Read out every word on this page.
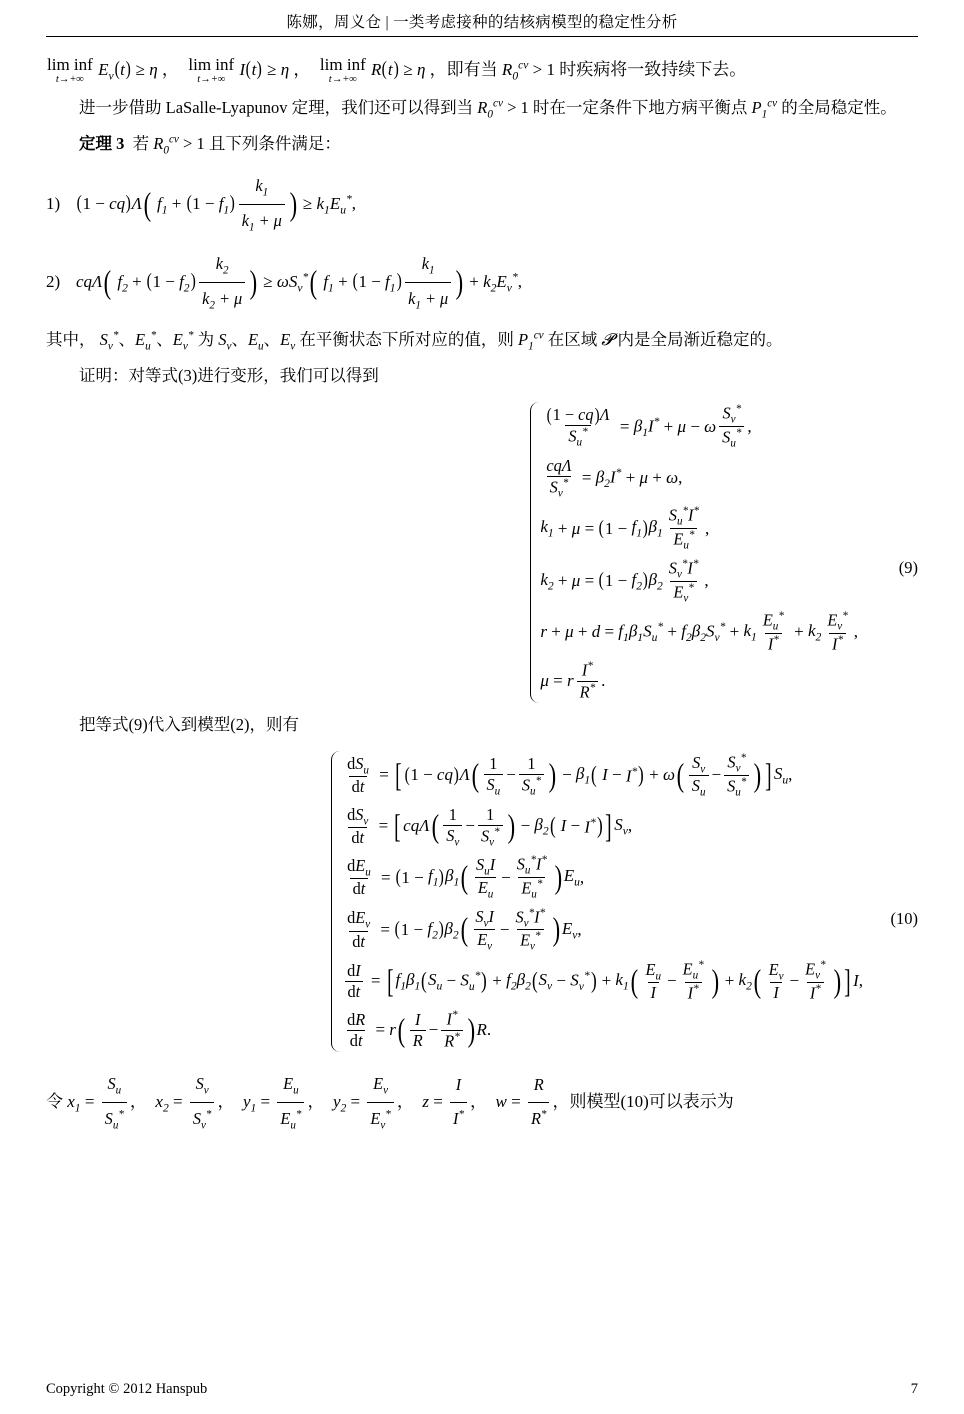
陈娜，周义仓 | 一类考虑接种的结核病模型的稳定性分析
lim inf
t→+∞
$E_v$ ( t ) ≥ η ， lim inf
t→+∞ I ( t ) ≥ η ， lim inf
t→+∞ R ( t ) ≥ η ，即有当 $R_0^{cv} > 1$ 时疾病将一致持续下去。
进一步借助 LaSalle-Lyapunov 定理，我们还可以得到当 $R_0^{cv} > 1$ 时在一定条件下地方病平衡点 $P_1^{cv}$ 的全局稳定性。
定理 3  若 $R_0^{cv} > 1$ 且下列条件满足：
1) ( 1 − cq ) Λ ( $f_1$ + ( $1 - f_1$ ) $\frac{k_1}{k_1 + \mu}$ ) ≥ $k_1E_u^*$ ,
2) cqΛ ( $f_2$ + ( $1 - f_2$ ) $\frac{k_2}{k_2 + \mu}$ ) ≥ $\omega S_v^*$ ( $f_1$ + ( $1 - f_1$ ) $\frac{k_1}{k_1 + \mu}$ ) + $k_2E_v^*$ ,
其中， $S_v^*$、$E_u^*$、$E_v^*$ 为 $S_v$、$E_u$、$E_v$ 在平衡状态下所对应的值，则 $P_1^{cv}$ 在区域 𝓟 内是全局渐近稳定的。
证明：对等式(3)进行变形，我们可以得到
$\frac{(1 - cq)\Lambda}{S_u^*} = \beta_1I^* + \mu - \omega \frac{S_v^*}{S_u^*}$ ,
$\frac{\text{cqΛ}}{S_v^*} = \beta_2I^* + \mu + \omega$ ,
$k_1 + \mu$ = ( $1 - f_1$ ) $\beta_1 \frac{S_u^*I^*}{E_u^*}$ ,
$k_2 + \mu$ = ( $1 - f_2$ ) $\beta_2 \frac{S_v^*I^*}{E_v^*}$ ,
$r + \mu + d = f_1\beta_1S_u^* + f_2\beta_2S_v^* + k_1 \frac{E_u^*}{I^*} + k_2 \frac{E_v^*}{I^*}$ ,
μ = r $\frac{I^*}{R^*}$ .
(9)
把等式(9)代入到模型(2)，则有
$\frac{dS_u}{dt}$ = [ ( 1 − cq ) Λ ( $\frac{1}{S_u} - \frac{1}{S_u^*}$ ) − $\beta_1$ ( I − I* ) + ω ( $\frac{S_v}{S_u} - \frac{S_v^*}{S_u^*}$ ) ] $S_u$ ,
$\frac{dS_v}{dt}$ = [ cqΛ ( $\frac{1}{S_v} - \frac{1}{S_v^*}$ ) − $\beta_2$ ( I − I* ) ] $S_v$ ,
$\frac{dE_u}{dt}$ = ( $1 - f_1$ ) $\beta_1$ ( $\frac{S_uI}{E_u} - \frac{S_u^*I^*}{E_u^*}$ ) $E_u$ ,
$\frac{dE_v}{dt}$ = ( $1 - f_2$ ) $\beta_2$ ( $\frac{S_vI}{E_v} - \frac{S_v^*I^*}{E_v^*}$ ) $E_v$ ,
$\frac{dI}{dt}$ = [ $f_1\beta_1$ ( $S_u - S_u^*$ ) + $f_2\beta_2$ ( $S_v - S_v^*$ ) + $k_1$ ( $\frac{E_u}{I} - \frac{E_u^*}{I^*}$ ) + $k_2$ ( $\frac{E_v}{I} - \frac{E_v^*}{I^*}$ ) ] I ,
$\frac{dR}{dt} = r$ ( $\frac{I}{R} - \frac{I^*}{R^*}$ ) R .
(10)
令 $x_1 = \frac{S_u}{S_u^*}$ ， $x_2 = \frac{S_v}{S_v^*}$ ， $y_1 = \frac{E_u}{E_u^*}$ ， $y_2 = \frac{E_v}{E_v^*}$ ， $z = \frac{I}{I^*}$ ， $w = \frac{R}{R^*}$ ，则模型(10)可以表示为
Copyright © 2012 Hanspub	7
